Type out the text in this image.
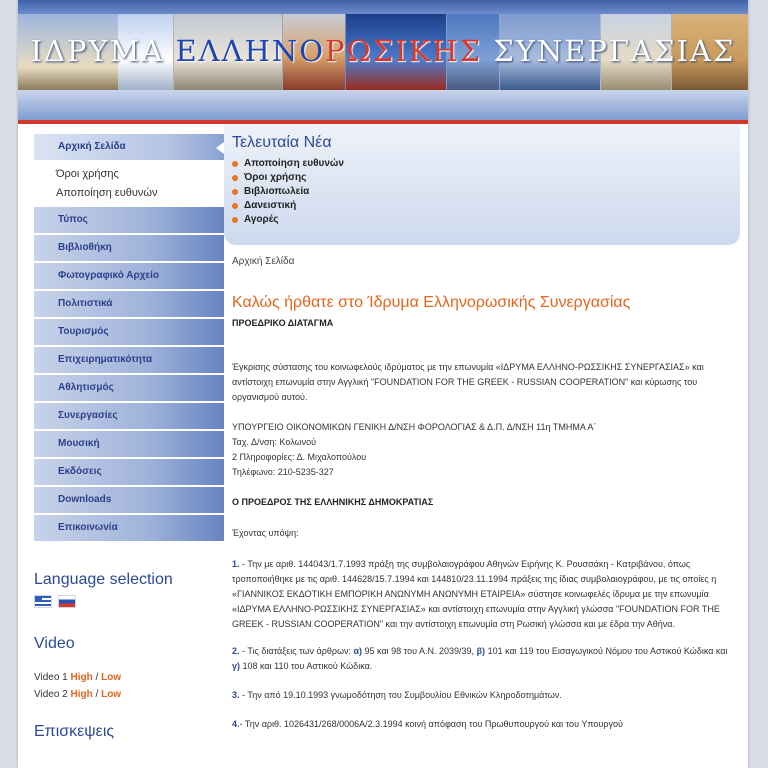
ΙΔΡΥΜΑ ΕΛΛΗΝΟΡΩΣΙΚΗΣ ΣΥΝΕΡΓΑΣΙΑΣ
Αρχική Σελίδα
Όροι χρήσης
Αποποίηση ευθυνών
Τύπος
Βιβλιοθήκη
Φωτογραφικό Αρχείο
Πολιτιστικά
Τουρισμός
Επιχειρηματικότητα
Αθλητισμός
Συνεργασίες
Μουσική
Εκδόσεις
Downloads
Επικοινωνία
Language selection
Video
Video 1 High / Low
Video 2 High / Low
Επισκεψεις
Τελευταία Νέα
Αποποίηση ευθυνών
Όροι χρήσης
Βιβλιοπωλεία
Δανειστική
Αγορές
Αρχική Σελίδα
Καλώς ήρθατε στο Ίδρυμα Ελληνορωσικής Συνεργασίας
ΠΡΟΕΔΡΙΚΟ ΔΙΑΤΑΓΜΑ

Έγκρισης σύστασης του κοινωφελούς ιδρύματος με την επωνυμία «ΙΔΡΥΜΑ ΕΛΛΗΝΟ-ΡΩΣΣΙΚΗΣ ΣΥΝΕΡΓΑΣΙΑΣ» και αντίστοιχη επωνυμία στην Αγγλική "FOUNDATION FOR THE GREEK - RUSSIAN COOPERATION" και κύρωσης του οργανισμού αυτού.

ΥΠΟΥΡΓΕΙΟ ΟΙΚΟΝΟΜΙΚΩΝ ΓΕΝΙΚΗ Δ/ΝΣΗ ΦΟΡΟΛΟΓΙΑΣ & Δ.Π. Δ/ΝΣΗ 11η ΤΜΗΜΑ Α΄

Ταχ. Δ/νση: Κολωνού

2 Πληροφορίες: Δ. Μιχαλοπούλου

Τηλέφωνο: 210-5235-327

Ο ΠΡΟΕΔΡΟΣ ΤΗΣ ΕΛΛΗΝΙΚΗΣ ΔΗΜΟΚΡΑΤΙΑΣ

Έχοντας υπόψη:

1. - Την με αριθ. 144043/1.7.1993 πράξη της συμβολαιογράφου Αθηνών Ειρήνης Κ. Ρουσσάκη - Κατριβάνου, όπως τροποποιήθηκε με τις αριθ. 144628/15.7.1994 και 144810/23.11.1994 πράξεις της ίδιας συμβολαιογράφου, με τις οποίες η «ΓΙΑΝΝΙΚΟΣ ΕΚΔΟΤΙΚΗ ΕΜΠΟΡΙΚΗ ΑΝΩΝΥΜΗ ΑΝΩΝΥΜΗ ΕΤΑΙΡΕΙΑ» σύστησε κοινωφελές ίδρυμα με την επωνυμία «ΙΔΡΥΜΑ ΕΛΛΗΝΟ-ΡΩΣΣΙΚΗΣ ΣΥΝΕΡΓΑΣΙΑΣ» και αντίστοιχη επωνυμία στην Αγγλική γλώσσα "FOUNDATION FOR THE GREEK - RUSSIAN COOPERATION" και την αντίστοιχη επωνυμία στη Ρωσική γλώσσα και με έδρα την Αθήνα.

2. - Τις διατάξεις των άρθρων: α) 95 και 98 του Α.Ν. 2039/39, β) 101 και 119 του Εισαγωγικού Νόμου του Αστικού Κώδικα και γ) 108 και 110 του Αστικού Κώδικα.

3. - Την από 19.10.1993 γνωμοδότηση του Συμβουλίου Εθνικών Κληροδοτημάτων.

4.- Την αριθ. 1026431/268/0006Α/2.3.1994 κοινή απόφαση του Πρωθυπουργού και του Υπουργού
